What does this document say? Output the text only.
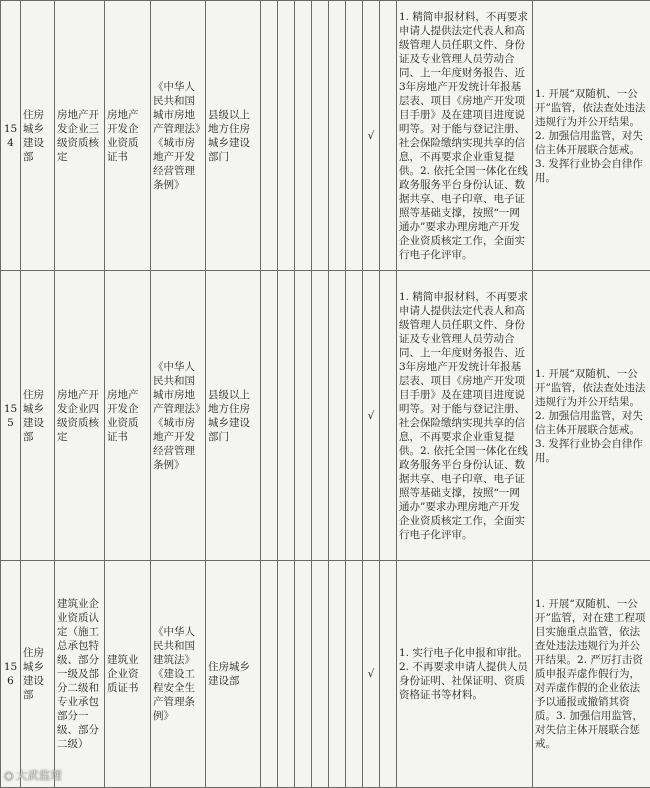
154	住房城乡建设部	房地产开发企业三级资质核定	房地产开发企业资质证书	《中华人民共和国城市房地产管理法》《城市房地产开发经营管理条例》	县级以上地方住房城乡建设部门							√		1. 精简申报材料，不再要求申请人提供法定代表人和高级管理人员任职文件、身份证及专业管理人员劳动合同、上一年度财务报告、近3年房地产开发统计年报基层表、项目《房地产开发项目手册》及在建项目进度说明等。对于能与登记注册、社会保险缴纳实现共享的信息，不再要求企业重复提供。2. 依托全国一体化在线政务服务平台身份认证、数据共享、电子印章、电子证照等基础支撑，按照“一网通办”要求办理房地产开发企业资质核定工作，全面实行电子化评审。	1. 开展“双随机、一公开”监管，依法查处违法违规行为并公开结果。2. 加强信用监管，对失信主体开展联合惩戒。3. 发挥行业协会自律作用。
155	住房城乡建设部	房地产开发企业四级资质核定	房地产开发企业资质证书	《中华人民共和国城市房地产管理法》《城市房地产开发经营管理条例》	县级以上地方住房城乡建设部门							√		1. 精简申报材料，不再要求申请人提供法定代表人和高级管理人员任职文件、身份证及专业管理人员劳动合同、上一年度财务报告、近3年房地产开发统计年报基层表、项目《房地产开发项目手册》及在建项目进度说明等。对于能与登记注册、社会保险缴纳实现共享的信息，不再要求企业重复提供。2. 依托全国一体化在线政务服务平台身份认证、数据共享、电子印章、电子证照等基础支撑，按照“一网通办”要求办理房地产开发企业资质核定工作，全面实行电子化评审。	1. 开展“双随机、一公开”监管，依法查处违法违规行为并公开结果。2. 加强信用监管，对失信主体开展联合惩戒。3. 发挥行业协会自律作用。
156	住房城乡建设部	建筑业企业资质认定（施工总承包特级、部分一级及部分二级和专业承包部分一级、部分二级）	建筑业企业资质证书	《中华人民共和国建筑法》《建设工程安全生产管理条例》	住房城乡建设部							√		1. 实行电子化申报和审批。2. 不再要求申请人提供人员身份证明、社保证明、资质资格证书等材料。	1. 开展“双随机、一公开”监管，对在建工程项目实施重点监管，依法查处违法违规行为并公开结果。2. 严厉打击资质申报弄虚作假行为，对弄虚作假的企业依法予以通报或撤销其资质。3. 加强信用监管，对失信主体开展联合惩戒。
◉ 大武监理
